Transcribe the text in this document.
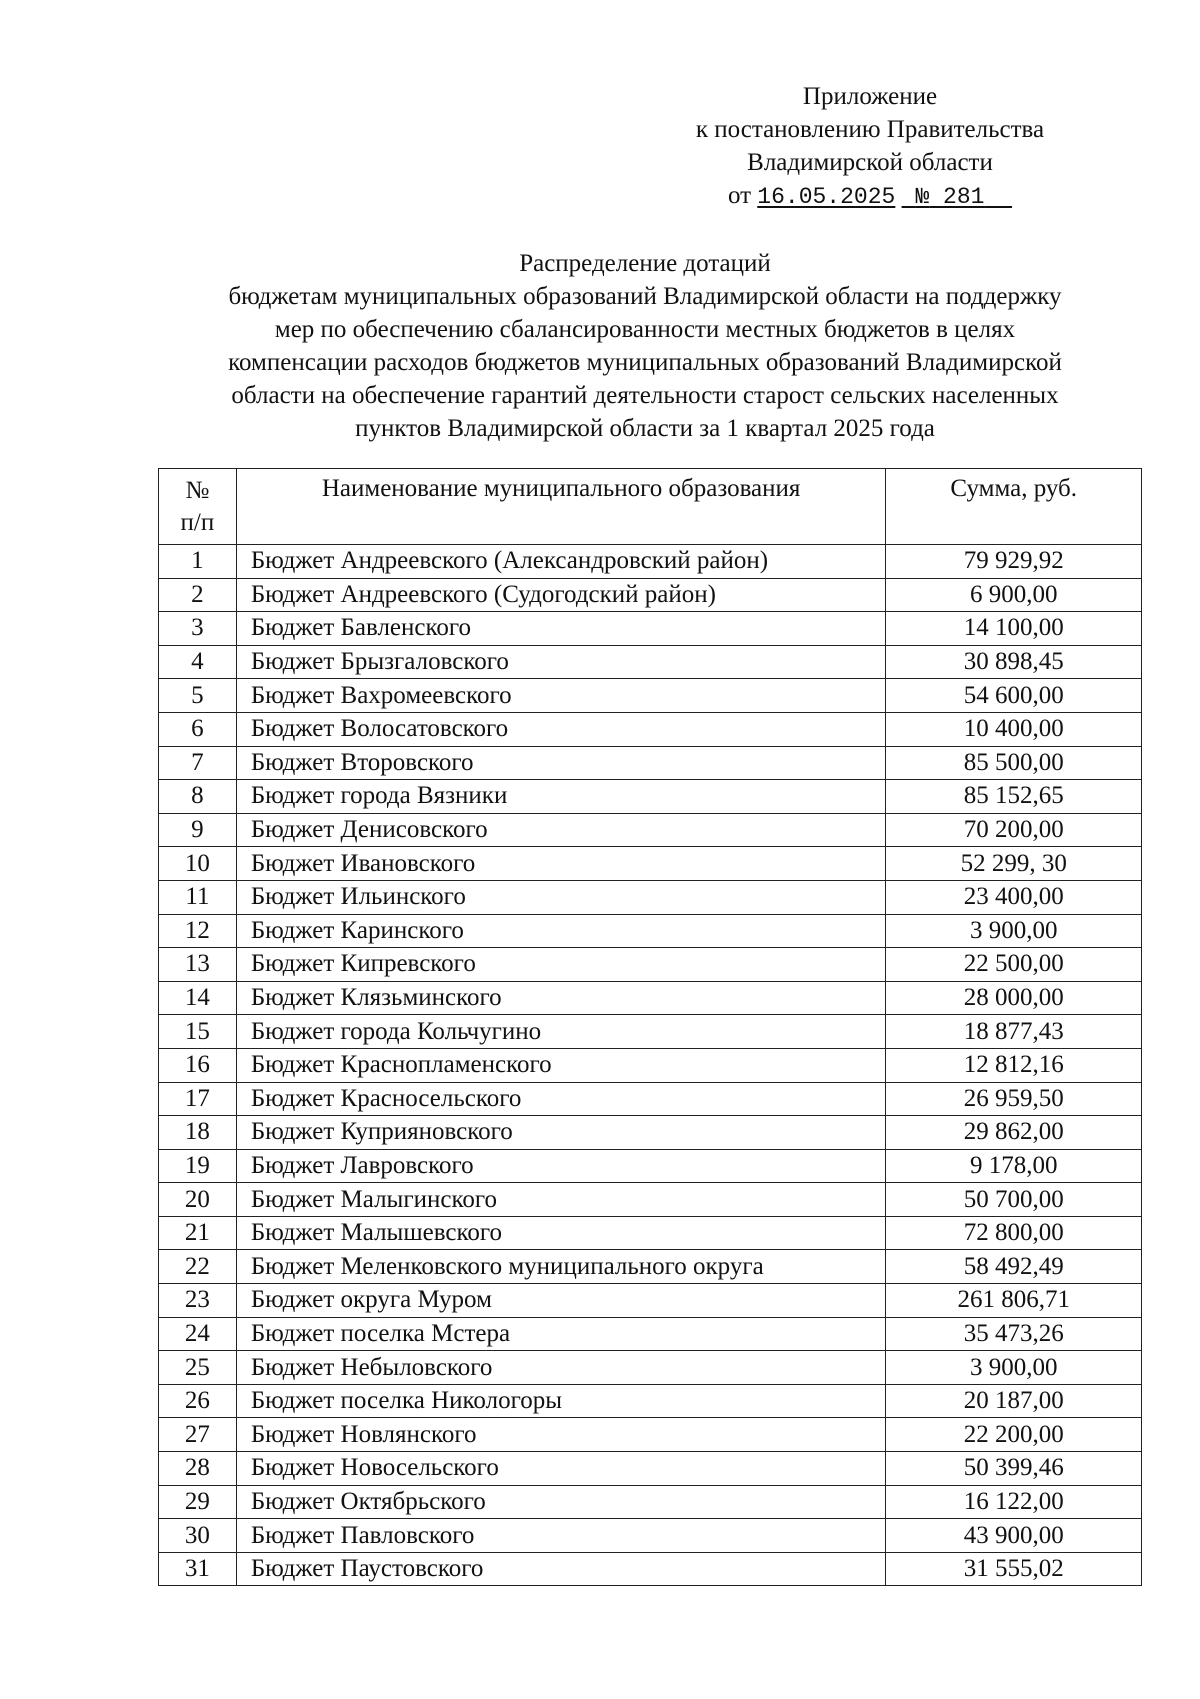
Приложение
к постановлению Правительства
Владимирской области
от 16.05.2025 № 281
Распределение дотаций
бюджетам муниципальных образований Владимирской области на поддержку
мер по обеспечению сбалансированности местных бюджетов в целях
компенсации расходов бюджетов муниципальных образований Владимирской
области на обеспечение гарантий деятельности старост сельских населенных
пунктов Владимирской области за 1 квартал 2025 года
№
п/п	Наименование муниципального образования	Сумма, руб.
1	Бюджет Андреевского (Александровский район)	79 929,92
2	Бюджет Андреевского (Судогодский район)	6 900,00
3	Бюджет Бавленского	14 100,00
4	Бюджет Брызгаловского	30 898,45
5	Бюджет Вахромеевского	54 600,00
6	Бюджет Волосатовского	10 400,00
7	Бюджет Второвского	85 500,00
8	Бюджет города Вязники	85 152,65
9	Бюджет Денисовского	70 200,00
10	Бюджет Ивановского	52 299, 30
11	Бюджет Ильинского	23 400,00
12	Бюджет Каринского	3 900,00
13	Бюджет Кипревского	22 500,00
14	Бюджет Клязьминского	28 000,00
15	Бюджет города Кольчугино	18 877,43
16	Бюджет Краснопламенского	12 812,16
17	Бюджет Красносельского	26 959,50
18	Бюджет Куприяновского	29 862,00
19	Бюджет Лавровского	9 178,00
20	Бюджет Малыгинского	50 700,00
21	Бюджет Малышевского	72 800,00
22	Бюджет Меленковского муниципального округа	58 492,49
23	Бюджет округа Муром	261 806,71
24	Бюджет поселка Мстера	35 473,26
25	Бюджет Небыловского	3 900,00
26	Бюджет поселка Никологоры	20 187,00
27	Бюджет Новлянского	22 200,00
28	Бюджет Новосельского	50 399,46
29	Бюджет Октябрьского	16 122,00
30	Бюджет Павловского	43 900,00
31	Бюджет Паустовского	31 555,02
